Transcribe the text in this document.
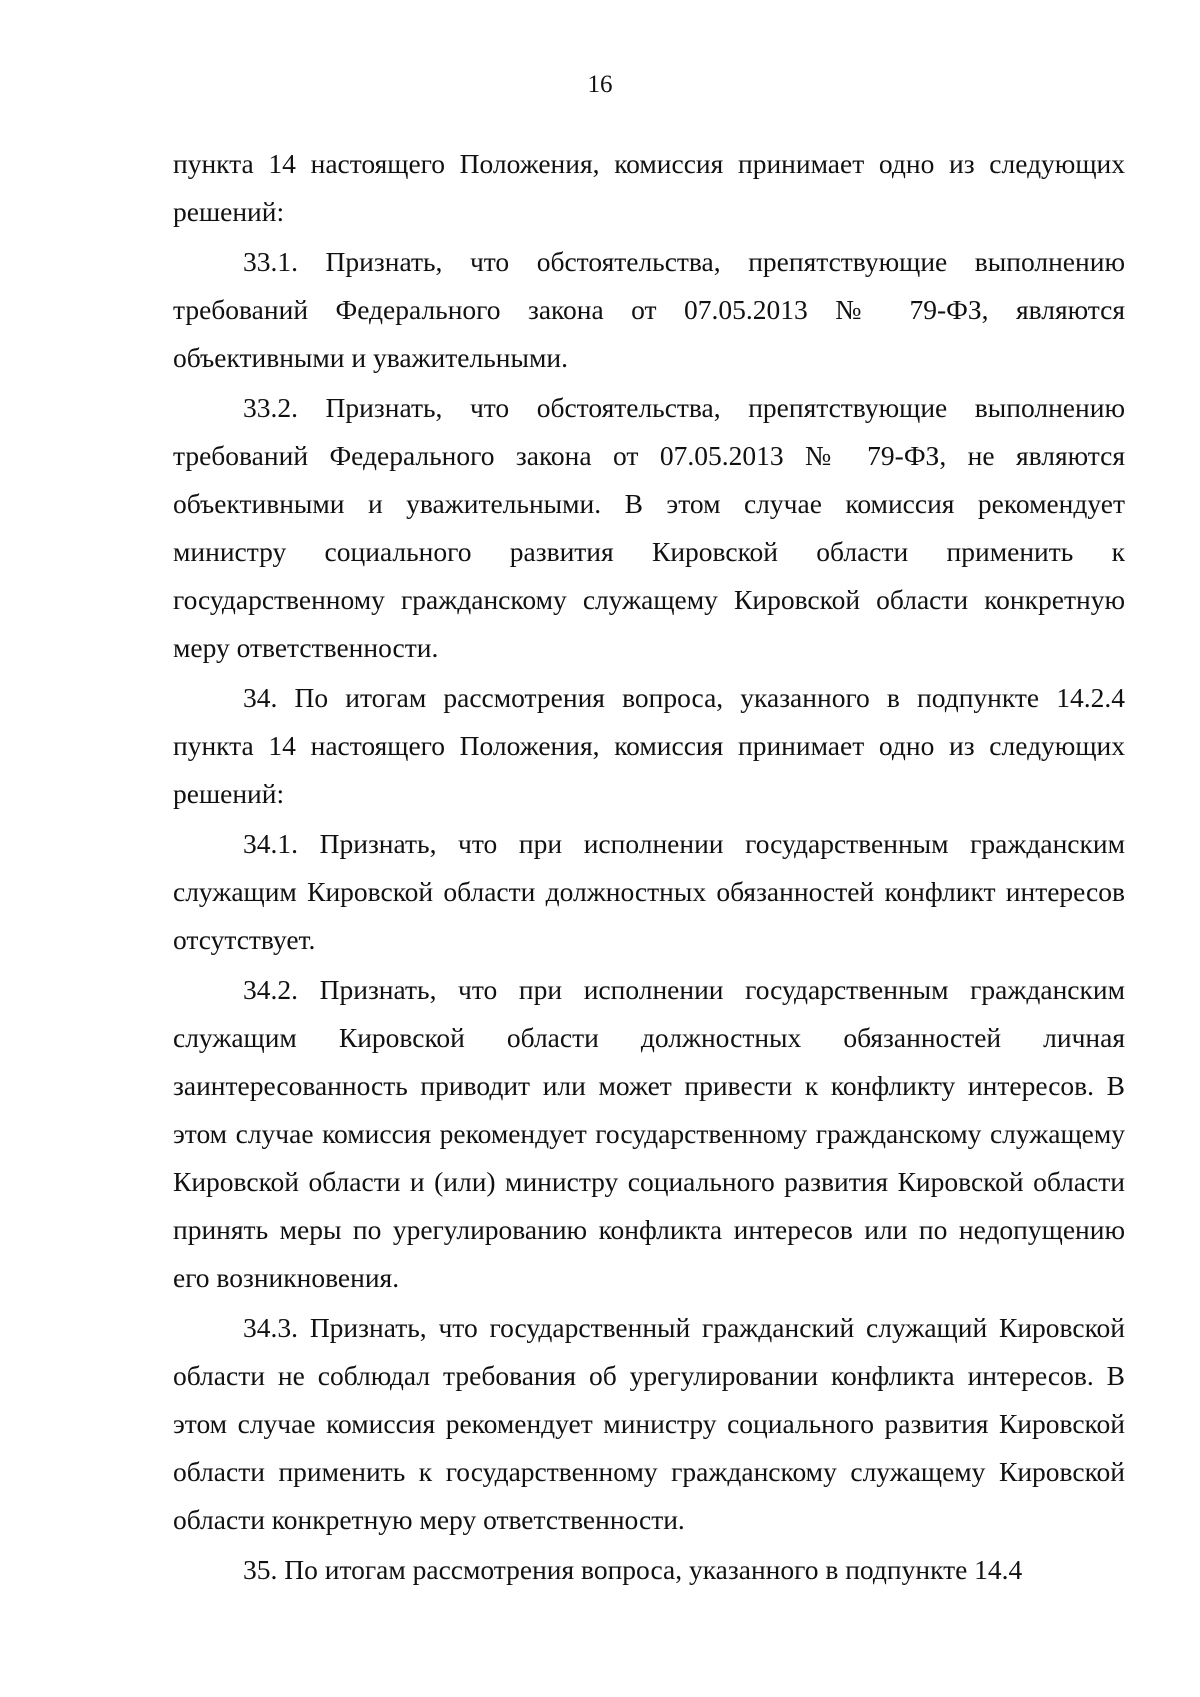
16

пункта 14 настоящего Положения, комиссия принимает одно из следующих решений:

33.1. Признать, что обстоятельства, препятствующие выполнению требований Федерального закона от 07.05.2013 № 79-ФЗ, являются объективными и уважительными.

33.2. Признать, что обстоятельства, препятствующие выполнению требований Федерального закона от 07.05.2013 № 79-ФЗ, не являются объективными и уважительными. В этом случае комиссия рекомендует министру социального развития Кировской области применить к государственному гражданскому служащему Кировской области конкретную меру ответственности.

34. По итогам рассмотрения вопроса, указанного в подпункте 14.2.4 пункта 14 настоящего Положения, комиссия принимает одно из следующих решений:

34.1. Признать, что при исполнении государственным гражданским служащим Кировской области должностных обязанностей конфликт интересов отсутствует.

34.2. Признать, что при исполнении государственным гражданским служащим Кировской области должностных обязанностей личная заинтересованность приводит или может привести к конфликту интересов. В этом случае комиссия рекомендует государственному гражданскому служащему Кировской области и (или) министру социального развития Кировской области принять меры по урегулированию конфликта интересов или по недопущению его возникновения.

34.3. Признать, что государственный гражданский служащий Кировской области не соблюдал требования об урегулировании конфликта интересов. В этом случае комиссия рекомендует министру социального развития Кировской области применить к государственному гражданскому служащему Кировской области конкретную меру ответственности.

35. По итогам рассмотрения вопроса, указанного в подпункте 14.4
